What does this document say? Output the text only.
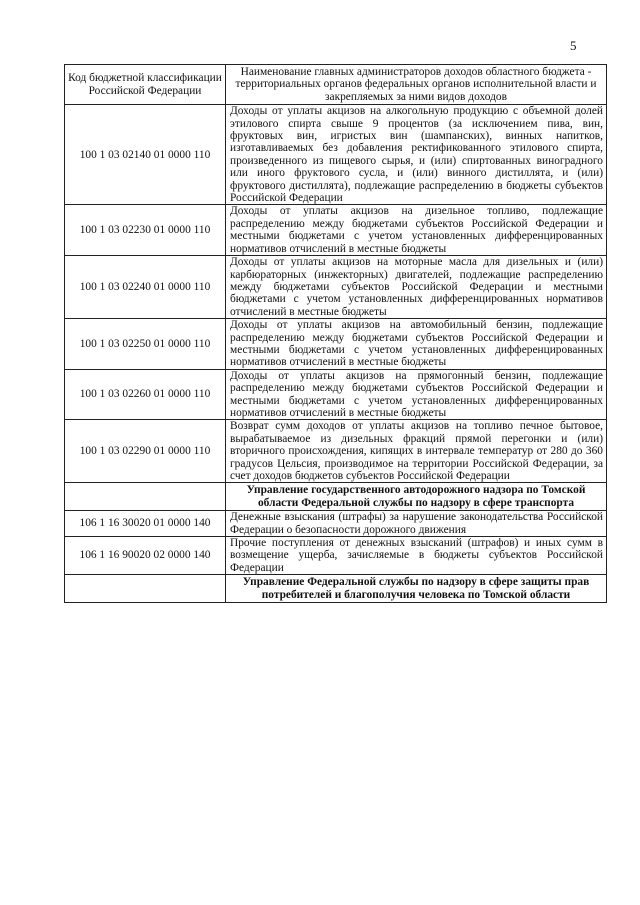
5
Код бюджетной классификации Российской Федерации	Наименование главных администраторов доходов областного бюджета - территориальных органов федеральных органов исполнительной власти и закрепляемых за ними видов доходов
100 1 03 02140 01 0000 110	Доходы от уплаты акцизов на алкогольную продукцию с объемной долей этилового спирта свыше 9 процентов (за исключением пива, вин, фруктовых вин, игристых вин (шампанских), винных напитков, изготавливаемых без добавления ректификованного этилового спирта, произведенного из пищевого сырья, и (или) спиртованных виноградного или иного фруктового сусла, и (или) винного дистиллята, и (или) фруктового дистиллята), подлежащие распределению в бюджеты субъектов Российской Федерации
100 1 03 02230 01 0000 110	Доходы от уплаты акцизов на дизельное топливо, подлежащие распределению между бюджетами субъектов Российской Федерации и местными бюджетами с учетом установленных дифференцированных нормативов отчислений в местные бюджеты
100 1 03 02240 01 0000 110	Доходы от уплаты акцизов на моторные масла для дизельных и (или) карбюраторных (инжекторных) двигателей, подлежащие распределению между бюджетами субъектов Российской Федерации и местными бюджетами с учетом установленных дифференцированных нормативов отчислений в местные бюджеты
100 1 03 02250 01 0000 110	Доходы от уплаты акцизов на автомобильный бензин, подлежащие распределению между бюджетами субъектов Российской Федерации и местными бюджетами с учетом установленных дифференцированных нормативов отчислений в местные бюджеты
100 1 03 02260 01 0000 110	Доходы от уплаты акцизов на прямогонный бензин, подлежащие распределению между бюджетами субъектов Российской Федерации и местными бюджетами с учетом установленных дифференцированных нормативов отчислений в местные бюджеты
100 1 03 02290 01 0000 110	Возврат сумм доходов от уплаты акцизов на топливо печное бытовое, вырабатываемое из дизельных фракций прямой перегонки и (или) вторичного происхождения, кипящих в интервале температур от 280 до 360 градусов Цельсия, производимое на территории Российской Федерации, за счет доходов бюджетов субъектов Российской Федерации
	Управление государственного автодорожного надзора по Томской области Федеральной службы по надзору в сфере транспорта
106 1 16 30020 01 0000 140	Денежные взыскания (штрафы) за нарушение законодательства Российской Федерации о безопасности дорожного движения
106 1 16 90020 02 0000 140	Прочие поступления от денежных взысканий (штрафов) и иных сумм в возмещение ущерба, зачисляемые в бюджеты субъектов Российской Федерации
	Управление Федеральной службы по надзору в сфере защиты прав потребителей и благополучия человека по Томской области
